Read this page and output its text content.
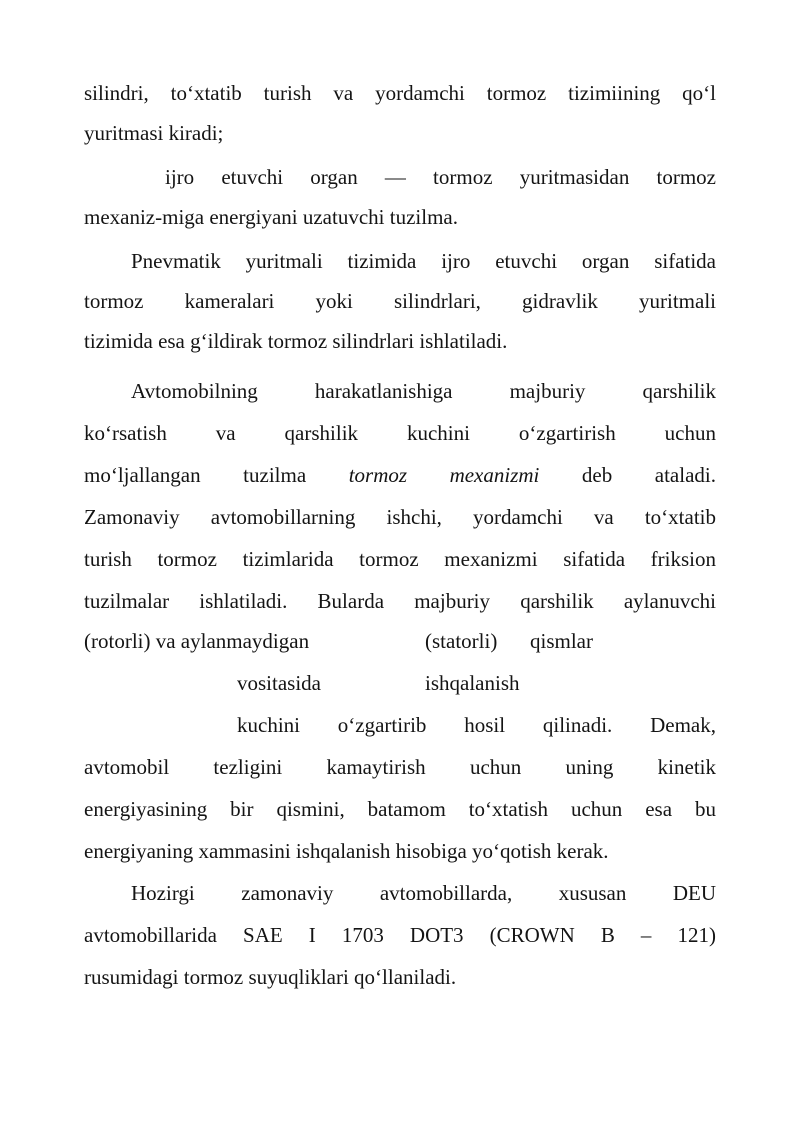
silindri, to‘xtatib turish va yordamchi tormoz tizimiining qo‘l

yuritmasi kiradi;

ijro etuvchi organ — tormoz yuritmasidan tormoz

mexaniz-miga energiyani uzatuvchi tuzilma.

Pnevmatik yuritmali tizimida ijro etuvchi organ sifatida

tormoz kameralari yoki silindrlari, gidravlik yuritmali

tizimida esa g‘ildirak tormoz silindrlari ishlatiladi.

Avtomobilning harakatlanishiga majburiy qarshilik

ko‘rsatish va qarshilik kuchini o‘zgartirish uchun

mo‘ljallangan tuzilma tormoz mexanizmi deb ataladi.

Zamonaviy avtomobillarning ishchi, yordamchi va to‘xtatib

turish tormoz tizimlarida tormoz mexanizmi sifatida friksion

tuzilmalar ishlatiladi. Bularda majburiy qarshilik aylanuvchi

(rotorli) va aylanmaydigan	(statorli) qismlar

vositasida	ishqalanish

kuchini o‘zgartirib hosil qilinadi. Demak,

avtomobil tezligini kamaytirish uchun uning kinetik

energiyasining bir qismini, batamom to‘xtatish uchun esa bu

energiyaning xammasini ishqalanish hisobiga yo‘qotish kerak.

Hozirgi zamonaviy avtomobillarda, xususan DEU

avtomobillarida SAE I 1703 DOT3 (CROWN B – 121)

rusumidagi tormoz suyuqliklari qo‘llaniladi.
